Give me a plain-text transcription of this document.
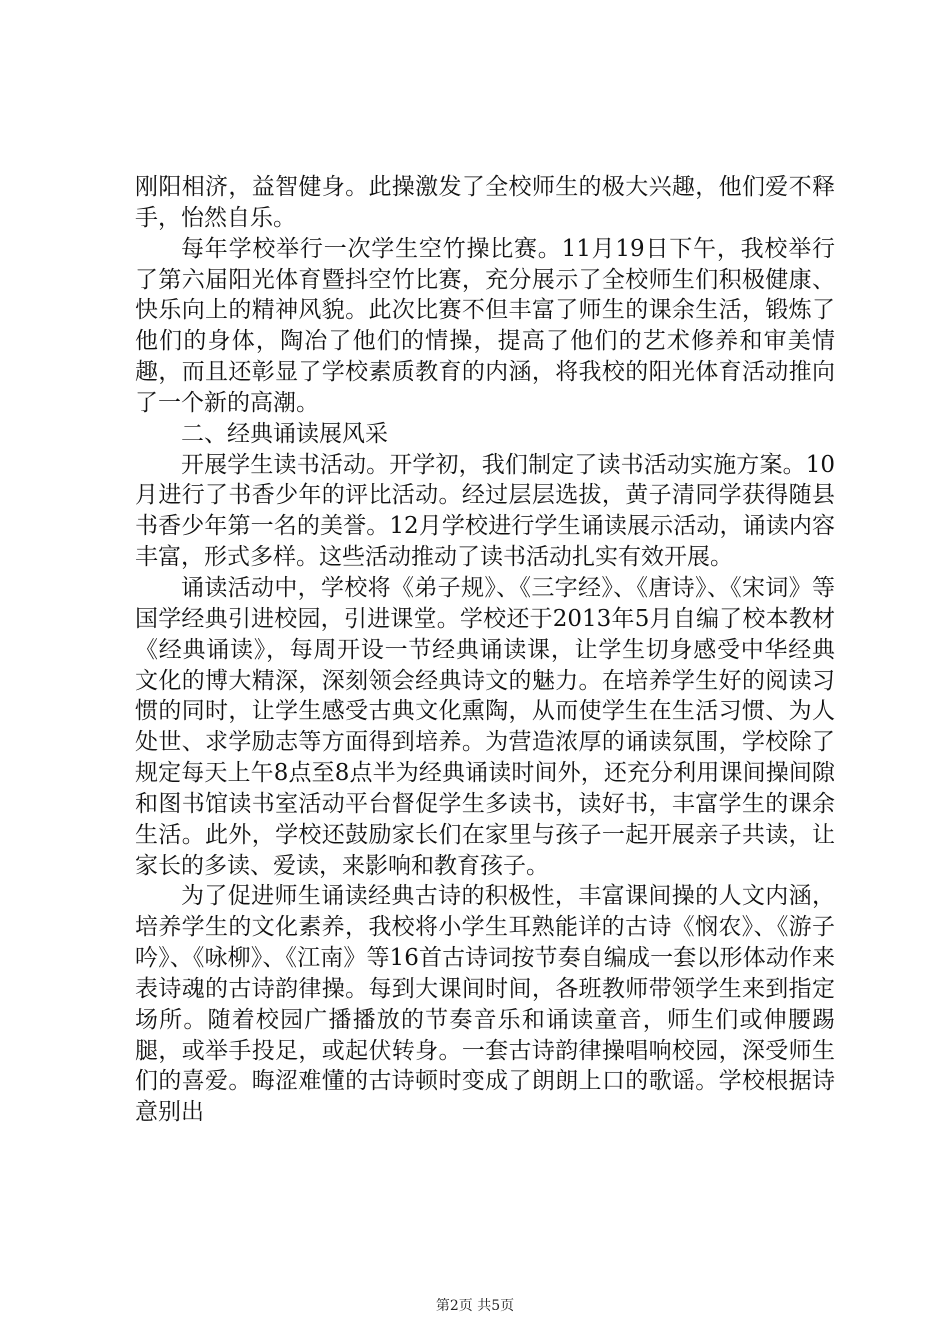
刚阳相济，益智健身。此操激发了全校师生的极大兴趣，他们爱不释手，怡然自乐。

每年学校举行一次学生空竹操比赛。11月19日下午，我校举行了第六届阳光体育暨抖空竹比赛，充分展示了全校师生们积极健康、快乐向上的精神风貌。此次比赛不但丰富了师生的课余生活，锻炼了他们的身体，陶冶了他们的情操，提高了他们的艺术修养和审美情趣，而且还彰显了学校素质教育的内涵，将我校的阳光体育活动推向了一个新的高潮。

二、经典诵读展风采

开展学生读书活动。开学初，我们制定了读书活动实施方案。10月进行了书香少年的评比活动。经过层层选拔，黄子清同学获得随县书香少年第一名的美誉。12月学校进行学生诵读展示活动，诵读内容丰富，形式多样。这些活动推动了读书活动扎实有效开展。

诵读活动中，学校将《弟子规》、《三字经》、《唐诗》、《宋词》等国学经典引进校园，引进课堂。学校还于2013年5月自编了校本教材《经典诵读》，每周开设一节经典诵读课，让学生切身感受中华经典文化的博大精深，深刻领会经典诗文的魅力。在培养学生好的阅读习惯的同时，让学生感受古典文化熏陶，从而使学生在生活习惯、为人处世、求学励志等方面得到培养。为营造浓厚的诵读氛围，学校除了规定每天上午8点至8点半为经典诵读时间外，还充分利用课间操间隙和图书馆读书室活动平台督促学生多读书，读好书，丰富学生的课余生活。此外，学校还鼓励家长们在家里与孩子一起开展亲子共读，让家长的多读、爱读，来影响和教育孩子。

为了促进师生诵读经典古诗的积极性，丰富课间操的人文内涵，培养学生的文化素养，我校将小学生耳熟能详的古诗《悯农》、《游子吟》、《咏柳》、《江南》等16首古诗词按节奏自编成一套以形体动作来表诗魂的古诗韵律操。每到大课间时间，各班教师带领学生来到指定场所。随着校园广播播放的节奏音乐和诵读童音，师生们或伸腰踢腿，或举手投足，或起伏转身。一套古诗韵律操唱响校园，深受师生们的喜爱。晦涩难懂的古诗顿时变成了朗朗上口的歌谣。学校根据诗意别出

第2页 共5页
